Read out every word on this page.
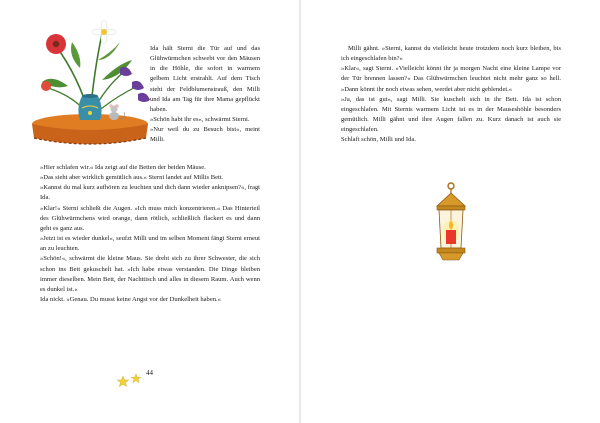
Ida hält Sterni die Tür auf und das Glühwürmchen schwebt vor den Mäusen in die Höhle, die sofort in warmem gelbem Licht erstrahlt. Auf dem Tisch steht der Feldblumenstrauß, den Milli und Ida am Tag für ihre Mama gepflückt haben.

»Schön habt ihr es«, schwärmt Sterni.

»Nur weil du zu Besuch bist«, meint Milli.

»Hier schlafen wir.« Ida zeigt auf die Betten der beiden Mäuse.

»Das sieht aber wirklich gemütlich aus.« Sterni landet auf Millis Bett.

»Kannst du mal kurz aufhören zu leuchten und dich dann wieder anknipsen?«, fragt Ida.

»Klar!« Sterni schließt die Augen. »Ich muss mich konzentrieren.« Das Hinterteil des Glühwürmchens wird orange, dann rötlich, schließlich flackert es und dann geht es ganz aus.

»Jetzt ist es wieder dunkel«, seufzt Milli und im selben Moment fängt Sterni erneut an zu leuchten.

»Schön!«, schwärmt die kleine Maus. Sie dreht sich zu ihrer Schwester, die sich schon ins Bett gekuschelt hat. »Ich habe etwas verstanden. Die Dinge bleiben immer dieselben. Mein Bett, der Nachttisch und alles in diesem Raum. Auch wenn es dunkel ist.«

Ida nickt. »Genau. Du musst keine Angst vor der Dunkelheit haben.«

44

Milli gähnt. »Sterni, kannst du vielleicht heute trotzdem noch kurz bleiben, bis ich eingeschlafen bin?«

»Klar«, sagt Sterni. »Vielleicht könnt ihr ja morgen Nacht eine kleine Lampe vor der Tür brennen lassen?« Das Glühwürmchen leuchtet nicht mehr ganz so hell. »Dann könnt ihr noch etwas sehen, werdet aber nicht geblendet.«

»Ja, das ist gut«, sagt Milli. Sie kuschelt sich in ihr Bett. Ida ist schon eingeschlafen. Mit Sternis warmem Licht ist es in der Mauseshöhle besonders gemütlich. Milli gähnt und ihre Augen fallen zu. Kurz danach ist auch sie eingeschlafen.

Schlaft schön, Milli und Ida.
